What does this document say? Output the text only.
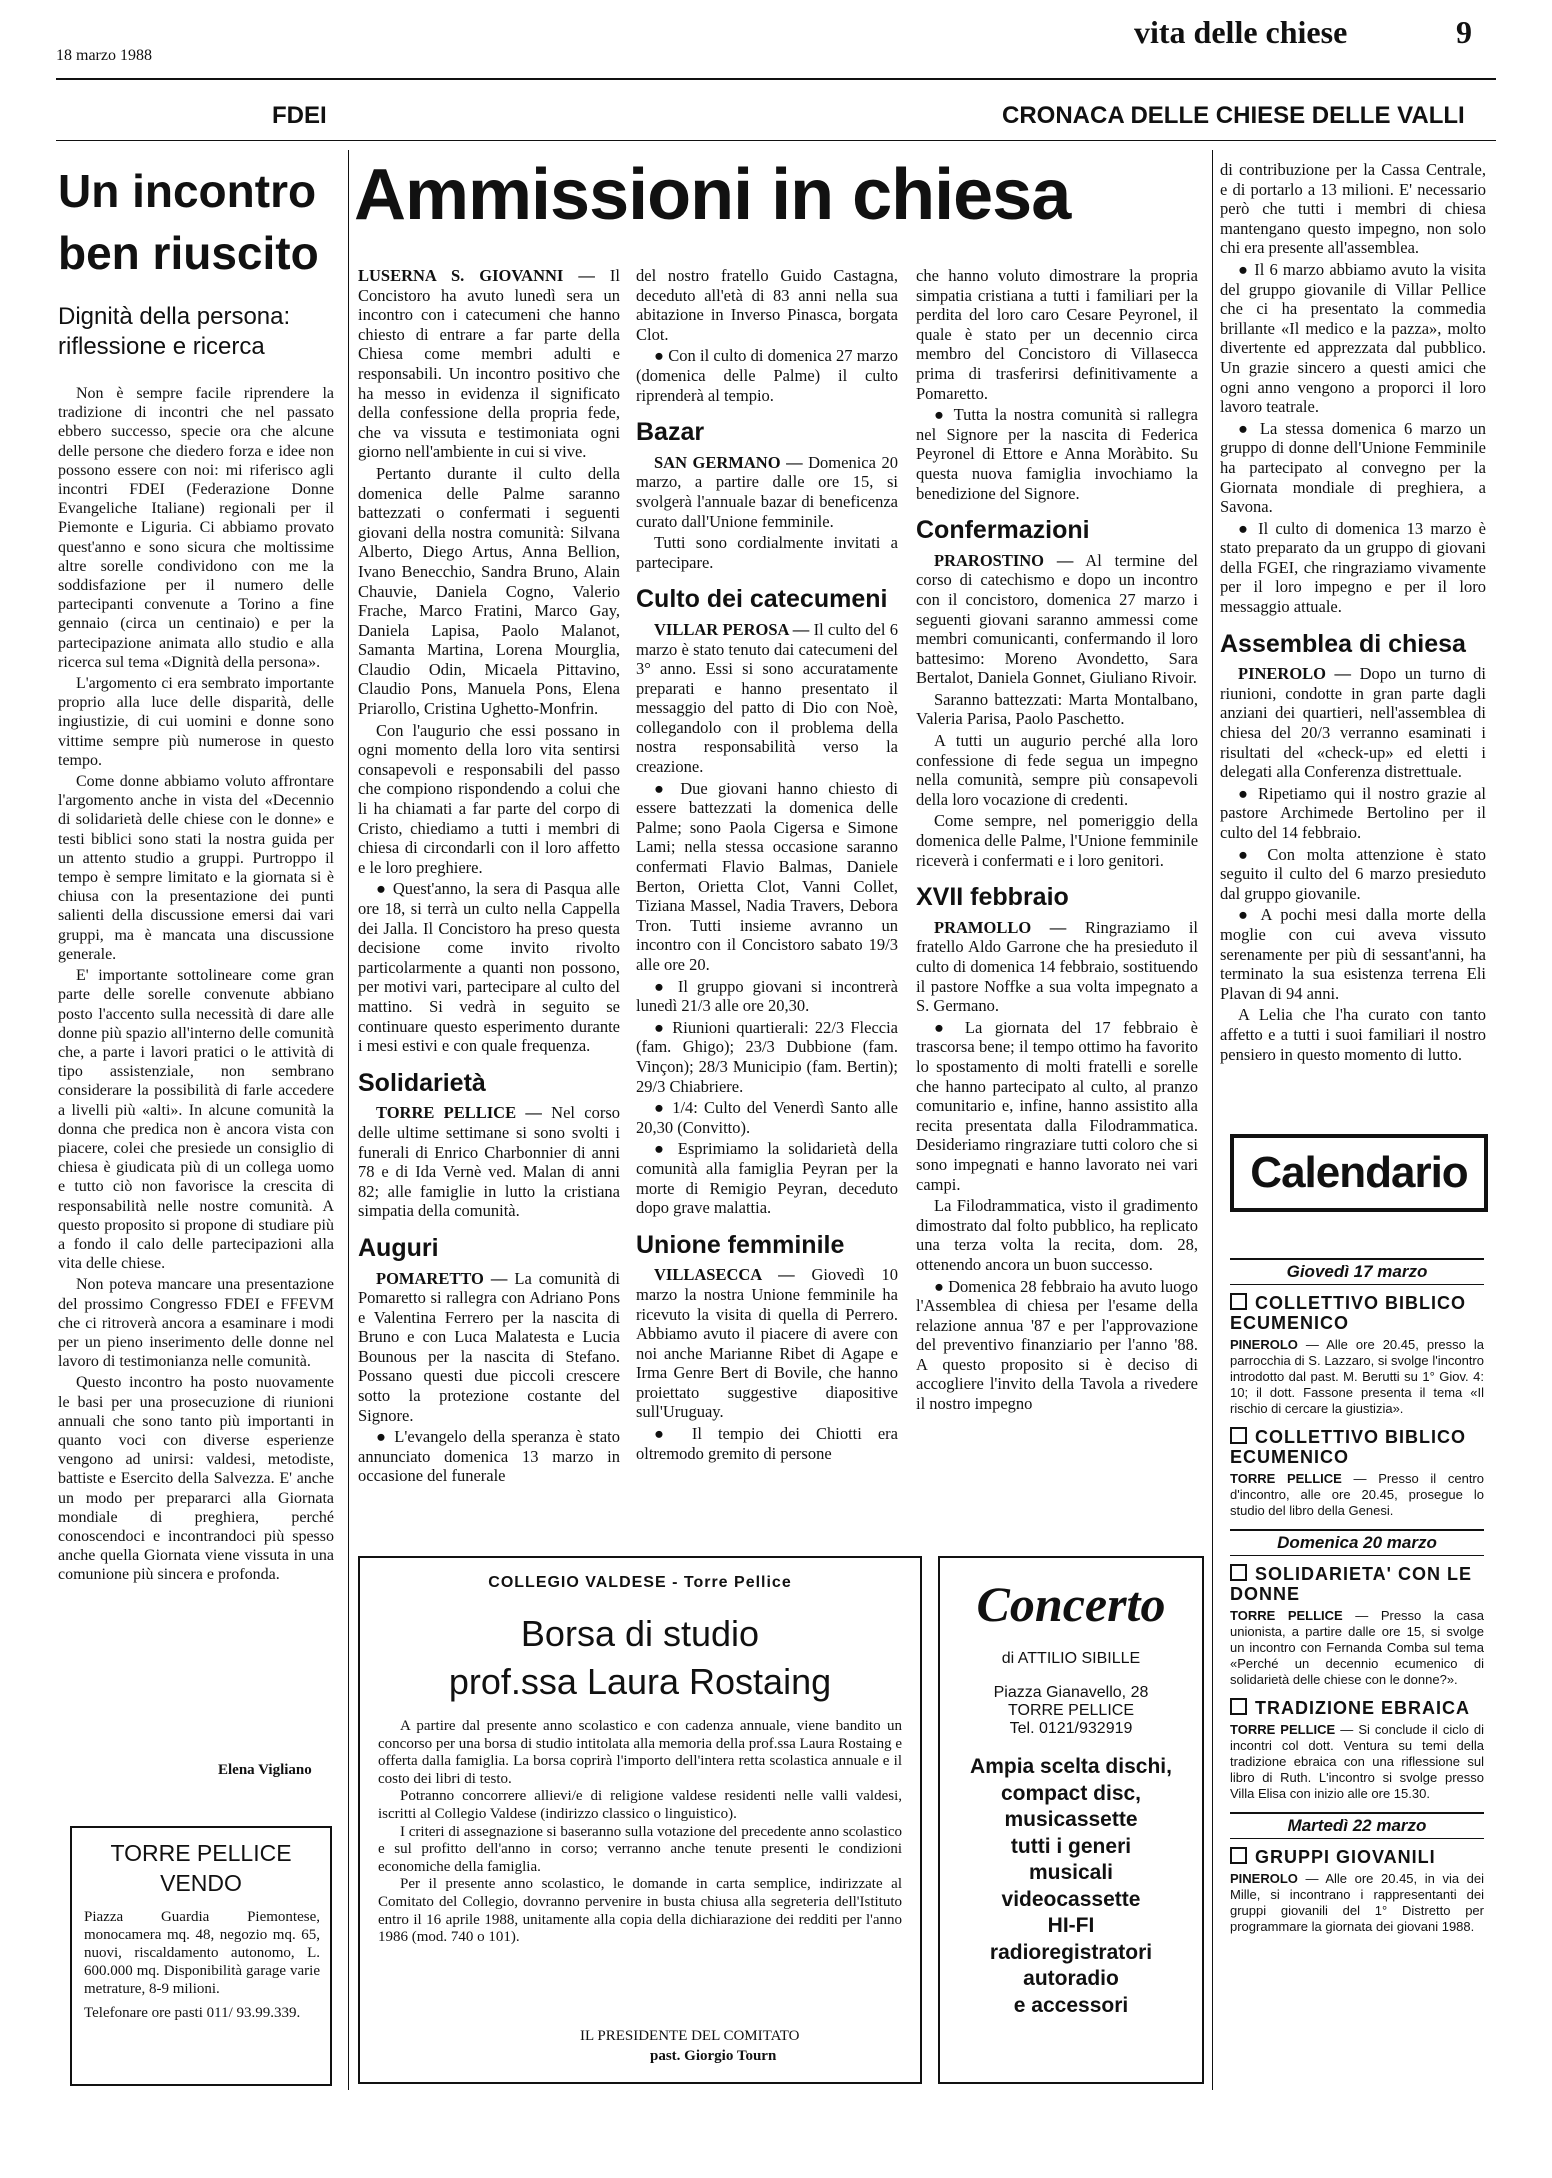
18 marzo 1988
vita delle chiese	9
FDEI	CRONACA DELLE CHIESE DELLE VALLI
Un incontro ben riuscito
Dignità della persona: riflessione e ricerca

Non è sempre facile riprendere la tradizione di incontri che nel passato ebbero successo, specie ora che alcune delle persone che diedero forza e idee non possono essere con noi: mi riferisco agli incontri FDEI (Federazione Donne Evangeliche Italiane) regionali per il Piemonte e Liguria. Ci abbiamo provato quest'anno e sono sicura che moltissime altre sorelle condividono con me la soddisfazione per il numero delle partecipanti convenute a Torino a fine gennaio (circa un centinaio) e per la partecipazione animata allo studio e alla ricerca sul tema «Dignità della persona».

L'argomento ci era sembrato importante proprio alla luce delle disparità, delle ingiustizie, di cui uomini e donne sono vittime sempre più numerose in questo tempo.

Come donne abbiamo voluto affrontare l'argomento anche in vista del «Decennio di solidarietà delle chiese con le donne» e testi biblici sono stati la nostra guida per un attento studio a gruppi. Purtroppo il tempo è sempre limitato e la giornata si è chiusa con la presentazione dei punti salienti della discussione emersi dai vari gruppi, ma è mancata una discussione generale.

E' importante sottolineare come gran parte delle sorelle convenute abbiano posto l'accento sulla necessità di dare alle donne più spazio all'interno delle comunità che, a parte i lavori pratici o le attività di tipo assistenziale, non sembrano considerare la possibilità di farle accedere a livelli più «alti». In alcune comunità la donna che predica non è ancora vista con piacere, colei che presiede un consiglio di chiesa è giudicata più di un collega uomo e tutto ciò non favorisce la crescita di responsabilità nelle nostre comunità. A questo proposito si propone di studiare più a fondo il calo delle partecipazioni alla vita delle chiese.

Non poteva mancare una presentazione del prossimo Congresso FDEI e FFEVM che ci ritroverà ancora a esaminare i modi per un pieno inserimento delle donne nel lavoro di testimonianza nelle comunità.

Questo incontro ha posto nuovamente le basi per una prosecuzione di riunioni annuali che sono tanto più importanti in quanto voci con diverse esperienze vengono ad unirsi: valdesi, metodiste, battiste e Esercito della Salvezza. E' anche un modo per prepararci alla Giornata mondiale di preghiera, perché conoscendoci e incontrandoci più spesso anche quella Giornata viene vissuta in una comunione più sincera e profonda.

Elena Vigliano
TORRE PELLICE VENDO
Piazza Guardia Piemontese, monocamera mq. 48, negozio mq. 65, nuovi, riscaldamento autonomo, L. 600.000 mq. Disponibilità garage varie metrature, 8-9 milioni.
Telefonare ore pasti 011/ 93.99.339.
Ammissioni in chiesa

LUSERNA S. GIOVANNI — Il Concistoro ha avuto lunedì sera un incontro con i catecumeni che hanno chiesto di entrare a far parte della Chiesa come membri adulti e responsabili. Un incontro positivo che ha messo in evidenza il significato della confessione della propria fede, che va vissuta e testimoniata ogni giorno nell'ambiente in cui si vive.

Pertanto durante il culto della domenica delle Palme saranno battezzati o confermati i seguenti giovani della nostra comunità: Silvana Alberto, Diego Artus, Anna Bellion, Ivano Benecchio, Sandra Bruno, Alain Chauvie, Daniela Cogno, Valerio Frache, Marco Fratini, Marco Gay, Daniela Lapisa, Paolo Malanot, Samanta Martina, Lorena Mourglia, Claudio Odin, Micaela Pittavino, Claudio Pons, Manuela Pons, Elena Priarollo, Cristina Ughetto-Monfrin.

Con l'augurio che essi possano in ogni momento della loro vita sentirsi consapevoli e responsabili del passo che compiono rispondendo a colui che li ha chiamati a far parte del corpo di Cristo, chiediamo a tutti i membri di chiesa di circondarli con il loro affetto e le loro preghiere.

● Quest'anno, la sera di Pasqua alle ore 18, si terrà un culto nella Cappella dei Jalla. Il Concistoro ha preso questa decisione come invito rivolto particolarmente a quanti non possono, per motivi vari, partecipare al culto del mattino. Si vedrà in seguito se continuare questo esperimento durante i mesi estivi e con quale frequenza.

Solidarietà

TORRE PELLICE — Nel corso delle ultime settimane si sono svolti i funerali di Enrico Charbonnier di anni 78 e di Ida Vernè ved. Malan di anni 82; alle famiglie in lutto la cristiana simpatia della comunità.

Auguri

POMARETTO — La comunità di Pomaretto si rallegra con Adriano Pons e Valentina Ferrero per la nascita di Bruno e con Luca Malatesta e Lucia Bounous per la nascita di Stefano. Possano questi due piccoli crescere sotto la protezione costante del Signore.

● L'evangelo della speranza è stato annunciato domenica 13 marzo in occasione del funerale

del nostro fratello Guido Castagna, deceduto all'età di 83 anni nella sua abitazione in Inverso Pinasca, borgata Clot.

● Con il culto di domenica 27 marzo (domenica delle Palme) il culto riprenderà al tempio.

Bazar

SAN GERMANO — Domenica 20 marzo, a partire dalle ore 15, si svolgerà l'annuale bazar di beneficenza curato dall'Unione femminile.

Tutti sono cordialmente invitati a partecipare.

Culto dei catecumeni

VILLAR PEROSA — Il culto del 6 marzo è stato tenuto dai catecumeni del 3° anno. Essi si sono accuratamente preparati e hanno presentato il messaggio del patto di Dio con Noè, collegandolo con il problema della nostra responsabilità verso la creazione.

● Due giovani hanno chiesto di essere battezzati la domenica delle Palme; sono Paola Cigersa e Simone Lami; nella stessa occasione saranno confermati Flavio Balmas, Daniele Berton, Orietta Clot, Vanni Collet, Tiziana Massel, Nadia Travers, Debora Tron. Tutti insieme avranno un incontro con il Concistoro sabato 19/3 alle ore 20.

● Il gruppo giovani si incontrerà lunedì 21/3 alle ore 20,30.

● Riunioni quartierali: 22/3 Fleccia (fam. Ghigo); 23/3 Dubbione (fam. Vinçon); 28/3 Municipio (fam. Bertin); 29/3 Chiabriere.

● 1/4: Culto del Venerdì Santo alle 20,30 (Convitto).

● Esprimiamo la solidarietà della comunità alla famiglia Peyran per la morte di Remigio Peyran, deceduto dopo grave malattia.

Unione femminile

VILLASECCA — Giovedì 10 marzo la nostra Unione femminile ha ricevuto la visita di quella di Perrero. Abbiamo avuto il piacere di avere con noi anche Marianne Ribet di Agape e Irma Genre Bert di Bovile, che hanno proiettato suggestive diapositive sull'Uruguay.

● Il tempio dei Chiotti era oltremodo gremito di persone

che hanno voluto dimostrare la propria simpatia cristiana a tutti i familiari per la perdita del loro caro Cesare Peyronel, il quale è stato per un decennio circa membro del Concistoro di Villasecca prima di trasferirsi definitivamente a Pomaretto.

● Tutta la nostra comunità si rallegra nel Signore per la nascita di Federica Peyronel di Ettore e Anna Moràbito. Su questa nuova famiglia invochiamo la benedizione del Signore.

Confermazioni

PRAROSTINO — Al termine del corso di catechismo e dopo un incontro con il concistoro, domenica 27 marzo i seguenti giovani saranno ammessi come membri comunicanti, confermando il loro battesimo: Moreno Avondetto, Sara Bertalot, Daniela Gonnet, Giuliano Rivoir.

Saranno battezzati: Marta Montalbano, Valeria Parisa, Paolo Paschetto.

A tutti un augurio perché alla loro confessione di fede segua un impegno nella comunità, sempre più consapevoli della loro vocazione di credenti.

Come sempre, nel pomeriggio della domenica delle Palme, l'Unione femminile riceverà i confermati e i loro genitori.

XVII febbraio

PRAMOLLO — Ringraziamo il fratello Aldo Garrone che ha presieduto il culto di domenica 14 febbraio, sostituendo il pastore Noffke a sua volta impegnato a S. Germano.

● La giornata del 17 febbraio è trascorsa bene; il tempo ottimo ha favorito lo spostamento di molti fratelli e sorelle che hanno partecipato al culto, al pranzo comunitario e, infine, hanno assistito alla recita presentata dalla Filodrammatica. Desideriamo ringraziare tutti coloro che si sono impegnati e hanno lavorato nei vari campi.

La Filodrammatica, visto il gradimento dimostrato dal folto pubblico, ha replicato una terza volta la recita, dom. 28, ottenendo ancora un buon successo.

● Domenica 28 febbraio ha avuto luogo l'Assemblea di chiesa per l'esame della relazione annua '87 e per l'approvazione del preventivo finanziario per l'anno '88. A questo proposito si è deciso di accogliere l'invito della Tavola a rivedere il nostro impegno

di contribuzione per la Cassa Centrale, e di portarlo a 13 milioni. E' necessario però che tutti i membri di chiesa mantengano questo impegno, non solo chi era presente all'assemblea.

● Il 6 marzo abbiamo avuto la visita del gruppo giovanile di Villar Pellice che ci ha presentato la commedia brillante «Il medico e la pazza», molto divertente ed apprezzata dal pubblico. Un grazie sincero a questi amici che ogni anno vengono a proporci il loro lavoro teatrale.

● La stessa domenica 6 marzo un gruppo di donne dell'Unione Femminile ha partecipato al convegno per la Giornata mondiale di preghiera, a Savona.

● Il culto di domenica 13 marzo è stato preparato da un gruppo di giovani della FGEI, che ringraziamo vivamente per il loro impegno e per il loro messaggio attuale.

Assemblea di chiesa

PINEROLO — Dopo un turno di riunioni, condotte in gran parte dagli anziani dei quartieri, nell'assemblea di chiesa del 20/3 verranno esaminati i risultati del «check-up» ed eletti i delegati alla Conferenza distrettuale.

● Ripetiamo qui il nostro grazie al pastore Archimede Bertolino per il culto del 14 febbraio.

● Con molta attenzione è stato seguito il culto del 6 marzo presieduto dal gruppo giovanile.

● A pochi mesi dalla morte della moglie con cui aveva vissuto serenamente per più di sessant'anni, ha terminato la sua esistenza terrena Eli Plavan di 94 anni.

A Lelia che l'ha curato con tanto affetto e a tutti i suoi familiari il nostro pensiero in questo momento di lutto.

COLLEGIO VALDESE - Torre Pellice
Borsa di studio
prof.ssa Laura Rostaing

A partire dal presente anno scolastico e con cadenza annuale, viene bandito un concorso per una borsa di studio intitolata alla memoria della prof.ssa Laura Rostaing e offerta dalla famiglia. La borsa coprirà l'importo dell'intera retta scolastica annuale e il costo dei libri di testo.

Potranno concorrere allievi/e di religione valdese residenti nelle valli valdesi, iscritti al Collegio Valdese (indirizzo classico o linguistico).

I criteri di assegnazione si baseranno sulla votazione del precedente anno scolastico e sul profitto dell'anno in corso; verranno anche tenute presenti le condizioni economiche della famiglia.

Per il presente anno scolastico, le domande in carta semplice, indirizzate al Comitato del Collegio, dovranno pervenire in busta chiusa alla segreteria dell'Istituto entro il 16 aprile 1988, unitamente alla copia della dichiarazione dei redditi per l'anno 1986 (mod. 740 o 101).

IL PRESIDENTE DEL COMITATO
past. Giorgio Tourn
Concerto
di ATTILIO SIBILLE
Piazza Gianavello, 28
TORRE PELLICE
Tel. 0121/932919
Ampia scelta dischi,
compact disc,
musicassette
tutti i generi
musicali
videocassette
HI-FI
radioregistratori
autoradio
e accessori
Calendario
Giovedì 17 marzo
COLLETTIVO BIBLICO ECUMENICO
PINEROLO — Alle ore 20.45, presso la parrocchia di S. Lazzaro, si svolge l'incontro introdotto dal past. M. Berutti su 1° Giov. 4: 10; il dott. Fassone presenta il tema «Il rischio di cercare la giustizia».
COLLETTIVO BIBLICO ECUMENICO
TORRE PELLICE — Presso il centro d'incontro, alle ore 20.45, prosegue lo studio del libro della Genesi.
Domenica 20 marzo
SOLIDARIETA' CON LE DONNE
TORRE PELLICE — Presso la casa unionista, a partire dalle ore 15, si svolge un incontro con Fernanda Comba sul tema «Perché un decennio ecumenico di solidarietà delle chiese con le donne?».
TRADIZIONE EBRAICA
TORRE PELLICE — Si conclude il ciclo di incontri col dott. Ventura su temi della tradizione ebraica con una riflessione sul libro di Ruth. L'incontro si svolge presso Villa Elisa con inizio alle ore 15.30.
Martedì 22 marzo
GRUPPI GIOVANILI
PINEROLO — Alle ore 20.45, in via dei Mille, si incontrano i rappresentanti dei gruppi giovanili del 1° Distretto per programmare la giornata dei giovani 1988.
